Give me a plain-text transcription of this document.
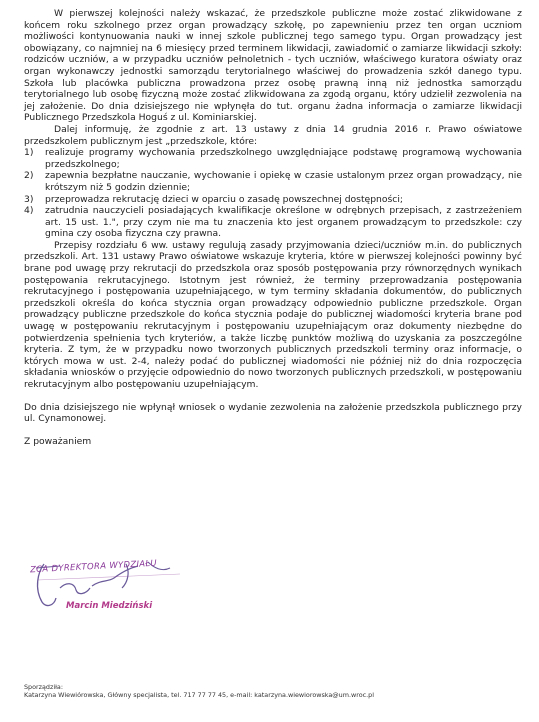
W pierwszej kolejności należy wskazać, że przedszkole publiczne może zostać zlikwidowane z końcem roku szkolnego przez organ prowadzący szkołę, po zapewnieniu przez ten organ uczniom możliwości kontynuowania nauki w innej szkole publicznej tego samego typu. Organ prowadzący jest obowiązany, co najmniej na 6 miesięcy przed terminem likwidacji, zawiadomić o zamiarze likwidacji szkoły: rodziców uczniów, a w przypadku uczniów pełnoletnich - tych uczniów, właściwego kuratora oświaty oraz organ wykonawczy jednostki samorządu terytorialnego właściwej do prowadzenia szkół danego typu. Szkoła lub placówka publiczna prowadzona przez osobę prawną inną niż jednostka samorządu terytorialnego lub osobę fizyczną może zostać zlikwidowana za zgodą organu, który udzielił zezwolenia na jej założenie. Do dnia dzisiejszego nie wpłynęła do tut. organu żadna informacja o zamiarze likwidacji Publicznego Przedszkola Hoguś z ul. Kominiarskiej.

Dalej informuję, że zgodnie z art. 13 ustawy z dnia 14 grudnia 2016 r. Prawo oświatowe przedszkolem publicznym jest „przedszkole, które:

1) realizuje programy wychowania przedszkolnego uwzględniające podstawę programową wychowania przedszkolnego;
2) zapewnia bezpłatne nauczanie, wychowanie i opiekę w czasie ustalonym przez organ prowadzący, nie krótszym niż 5 godzin dziennie;
3) przeprowadza rekrutację dzieci w oparciu o zasadę powszechnej dostępności;
4) zatrudnia nauczycieli posiadających kwalifikacje określone w odrębnych przepisach, z zastrzeżeniem art. 15 ust. 1.", przy czym nie ma tu znaczenia kto jest organem prowadzącym to przedszkole: czy gmina czy osoba fizyczna czy prawna.

Przepisy rozdziału 6 ww. ustawy regulują zasady przyjmowania dzieci/uczniów m.in. do publicznych przedszkoli. Art. 131 ustawy Prawo oświatowe wskazuje kryteria, które w pierwszej kolejności powinny być brane pod uwagę przy rekrutacji do przedszkola oraz sposób postępowania przy równorzędnych wynikach postępowania rekrutacyjnego. Istotnym jest również, że terminy przeprowadzania postępowania rekrutacyjnego i postępowania uzupełniającego, w tym terminy składania dokumentów, do publicznych przedszkoli określa do końca stycznia organ prowadzący odpowiednio publiczne przedszkole. Organ prowadzący publiczne przedszkole do końca stycznia podaje do publicznej wiadomości kryteria brane pod uwagę w postępowaniu rekrutacyjnym i postępowaniu uzupełniającym oraz dokumenty niezbędne do potwierdzenia spełnienia tych kryteriów, a także liczbę punktów możliwą do uzyskania za poszczególne kryteria. Z tym, że w przypadku nowo tworzonych publicznych przedszkoli terminy oraz informacje, o których mowa w ust. 2-4, należy podać do publicznej wiadomości nie później niż do dnia rozpoczęcia składania wniosków o przyjęcie odpowiednio do nowo tworzonych publicznych przedszkoli, w postępowaniu rekrutacyjnym albo postępowaniu uzupełniającym.

Do dnia dzisiejszego nie wpłynął wniosek o wydanie zezwolenia na założenie przedszkola publicznego przy ul. Cynamonowej.

Z poważaniem

ZCA DYREKTORA WYDZIAŁU
Marcin Miedziński

Sporządziła:

Katarzyna Wiewiórowska, Główny specjalista, tel. 717 77 77 45, e-mail: katarzyna.wiewiorowska@um.wroc.pl
